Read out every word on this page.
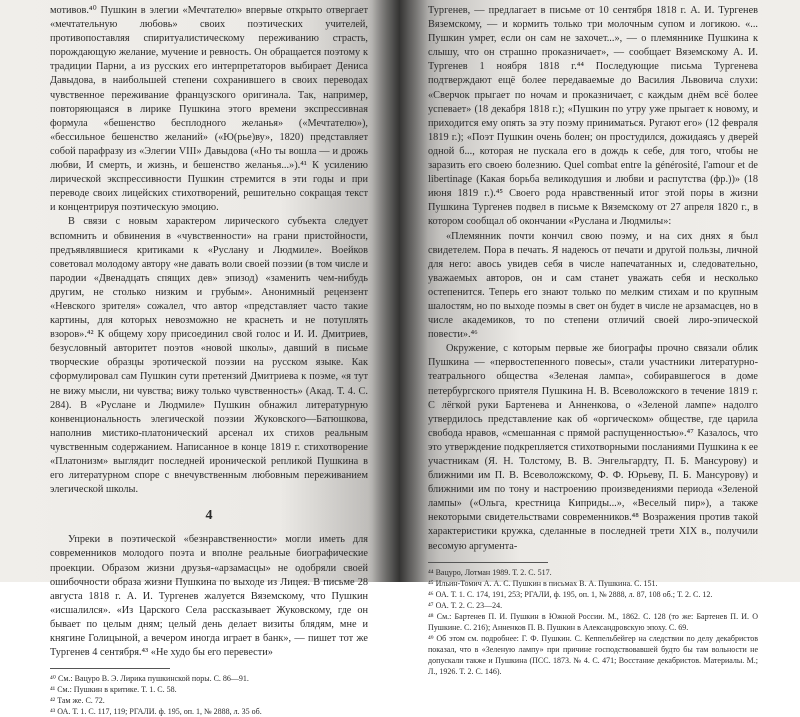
мотивов.⁴⁰ Пушкин в элегии «Мечтателю» впервые открыто отвергает «мечтательную любовь» своих поэтических учителей, противопоставляя спиритуалистическому переживанию страсть, порождающую желание, мучение и ревность. Он обращается поэтому к традиции Парни, а из русских его интерпретаторов выбирает Дениса Давыдова, в наибольшей степени сохранившего в своих переводах чувственное переживание французского оригинала. Так, например, повторяющаяся в лирике Пушкина этого времени экспрессивная формула «бешенство бесплодного желанья» («Мечтателю»), «бессильное бешенство желаний» («Ю(рье)ву», 1820) представляет собой парафразу из «Элегии VIII» Давыдова («Но ты вошла — и дрожь любви, И смерть, и жизнь, и бешенство желанья...»).⁴¹ К усилению лирической экспрессивности Пушкин стремится в эти годы и при переводе своих лицейских стихотворений, решительно сокращая текст и концентрируя поэтическую эмоцию.

В связи с новым характером лирического субъекта следует вспомнить и обвинения в «чувственности» на грани пристойности, предъявлявшиеся критиками к «Руслану и Людмиле». Воейков советовал молодому автору «не давать воли своей поэзии (в том числе и пародии «Двенадцать спящих дев» эпизод) «заменить чем-нибудь другим, не столько низким и грубым». Анонимный рецензент «Невского зрителя» сожалел, что автор «представляет часто такие картины, для которых невозможно не краснеть и не потуплять взоров».⁴² К общему хору присоединил свой голос и И. И. Дмитриев, безусловный авторитет поэтов «новой школы», давший в письме творческие образцы эротической поэзии на русском языке. Как сформулировал сам Пушкин сути претензий Дмитриева к поэме, «я тут не вижу мысли, ни чувства; вижу только чувственность» (Акад. Т. 4. С. 284). В «Руслане и Людмиле» Пушкин обнажил литературную конвенциональность элегической поэзии Жуковского—Батюшкова, наполнив мистико-платонический арсенал их стихов реальным чувственным содержанием. Написанное в конце 1819 г. стихотворение «Платонизм» выглядит последней иронической репликой Пушкина в его литературном споре с внечувственным любовным переживанием элегической школы.

4

Упреки в поэтической «безнравственности» могли иметь для современников молодого поэта и вполне реальные биографические проекции. Образом жизни друзья-«арзамасцы» не одобряли своей ошибочности образа жизни Пушкина по выходе из Лицея. В письме 28 августа 1818 г. А. И. Тургенев жалуется Вяземскому, что Пушкин «исшалился». «Из Царского Села рассказывает Жуковскому, где он бывает по целым дням; целый день делает визиты блядям, мне и княгине Голицыной, а вечером иногда играет в банк», — пишет тот же Тургенев 4 сентября.⁴³ «Не худо бы его перевести»

⁴⁰ См.: Вацуро В. Э. Лирика пушкинской поры. С. 86—91.

⁴¹ См.: Пушкин в критике. Т. 1. С. 58.

⁴² Там же. С. 72.

⁴³ ОА. Т. 1. С. 117, 119; РГАЛИ. ф. 195, оп. 1, № 2888, л. 35 об.

Тургенев, — предлагает в письме от 10 сентября 1818 г. А. И. Тургенев Вяземскому, — и кормить только три молочным супом и логикою. «... Пушкин умрет, если он сам не захочет...», — о племяннике Пушкина к слышу, что он страшно проказничает», — сообщает Вяземскому А. И. Тургенев 1 ноября 1818 г.⁴⁴ Последующие письма Тургенева подтверждают ещё более передаваемые до Василия Львовича слухи: «Сверчок прыгает по ночам и проказничает, с каждым днём всё более успевает» (18 декабря 1818 г.); «Пушкин по утру уже прыгает к новому, и приходится ему опять за эту поэму приниматься. Ругают его» (12 февраля 1819 г.); «Поэт Пушкин очень болен; он простудился, дожидаясь у дверей одной б..., которая не пускала его в дождь к себе, для того, чтобы не заразить его своею болезнию. Quel combat entre la générosité, l'amour et de libertinage (Какая борьба великодушия и любви и распутства (фр.))» (18 июня 1819 г.).⁴⁵ Своего рода нравственный итог этой поры в жизни Пушкина Тургенев подвел в письме к Вяземскому от 27 апреля 1820 г., в котором сообщал об окончании «Руслана и Людмилы»:

«Племянник почти кончил свою поэму, и на сих днях я был свидетелем. Пора в печать. Я надеюсь от печати и другой пользы, личной для него: авось увидев себя в числе напечатанных и, следовательно, уважаемых авторов, он и сам станет уважать себя и несколько остепенится. Теперь его знают только по мелким стихам и по крупным шалостям, но по выходе поэмы в свет он будет в числе не арзамасцев, но в числе академиков, то по степени отличий своей лиро-эпической повести».⁴⁶

Окружение, с которым первые же биографы прочно связали облик Пушкина — «первостепенного повесы», стали участники литературно-театрального общества «Зеленая лампа», собиравшегося в доме петербургского приятеля Пушкина Н. В. Всеволожского в течение 1819 г. С лёгкой руки Бартенева и Анненкова, о «Зеленой лампе» надолго утвердилось представление как об «оргическом» обществе, где царила свобода нравов, «смешанная с прямой распущенностью».⁴⁷ Казалось, что это утверждение подкрепляется стихотворными посланиями Пушкина к ее участникам (Я. Н. Толстому, В. В. Энгельгардту, П. Б. Мансурову) и ближними им П. В. Всеволожскому, Ф. Ф. Юрьеву, П. Б. Мансурову) и ближними им по тону и настроению произведениями периода «Зеленой лампы» («Ольга, крестница Киприды...», «Веселый пир»), а также некоторыми свидетельствами современников.⁴⁸ Возражения против такой характеристики кружка, сделанные в последней трети XIX в., получили весомую аргумента-

⁴⁴ Вацуро, Лотман 1989. Т. 2. С. 517.

⁴⁵ Ильин-Томич А. А. С. Пушкин в письмах В. А. Пушкина. С. 151.

⁴⁶ ОА. Т. 1. С. 174, 191, 253; РГАЛИ, ф. 195, оп. 1, № 2888, л. 87, 108 об.; Т. 2. С. 12.

⁴⁷ ОА. Т. 2. С. 23—24.

⁴⁸ См.: Бартенев П. И. Пушкин в Южной России. М., 1862. С. 128 (то же: Бартенев П. И. О Пушкине. С. 216); Анненков П. В. Пушкин в Александровскую эпоху. С. 69.

⁴⁹ Об этом см. подробнее: Г. Ф. Пушкин. С. Кеппельбейгер на следствии по делу декабристов показал, что в «Зеленую лампу» при причине господствовавшей будто бы там вольности не допускали также и Пушкина (ПСС. 1873. № 4. С. 471; Восстание декабристов. Материалы. М.; Л., 1926. Т. 2. С. 146).
